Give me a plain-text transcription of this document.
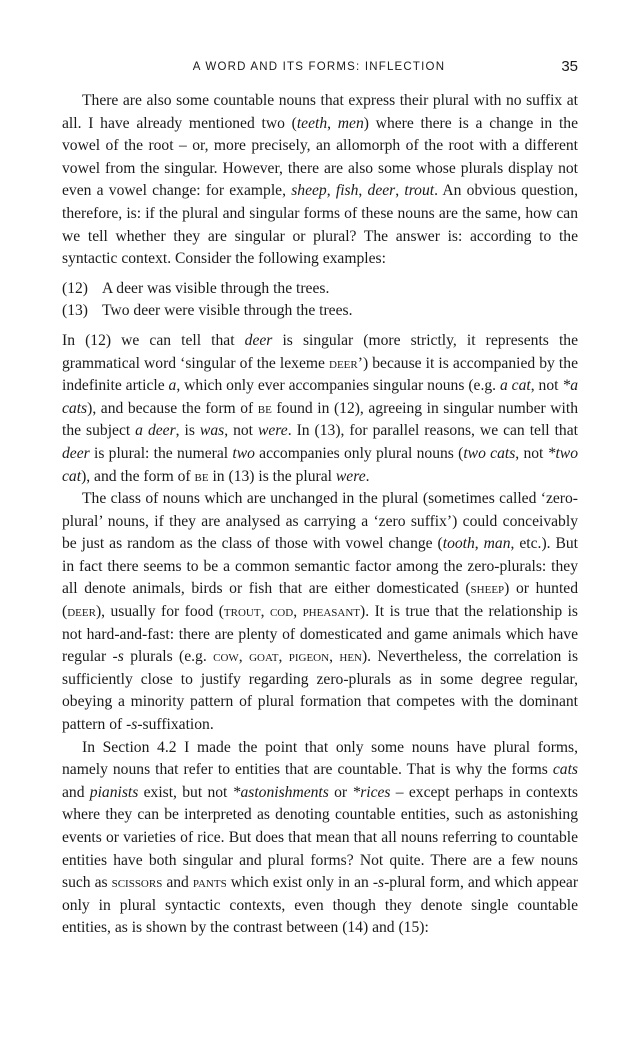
A WORD AND ITS FORMS: INFLECTION	35

There are also some countable nouns that express their plural with no suffix at all. I have already mentioned two (teeth, men) where there is a change in the vowel of the root – or, more precisely, an allomorph of the root with a different vowel from the singular. However, there are also some whose plurals display not even a vowel change: for example, sheep, fish, deer, trout. An obvious question, therefore, is: if the plural and singular forms of these nouns are the same, how can we tell whether they are singular or plural? The answer is: according to the syntactic context. Consider the following examples:

(12) A deer was visible through the trees.
(13) Two deer were visible through the trees.

In (12) we can tell that deer is singular (more strictly, it represents the grammatical word ‘singular of the lexeme deer’) because it is accompanied by the indefinite article a, which only ever accompanies singular nouns (e.g. a cat, not *a cats), and because the form of be found in (12), agreeing in singular number with the subject a deer, is was, not were. In (13), for parallel reasons, we can tell that deer is plural: the numeral two accompanies only plural nouns (two cats, not *two cat), and the form of be in (13) is the plural were.

The class of nouns which are unchanged in the plural (sometimes called ‘zero-plural’ nouns, if they are analysed as carrying a ‘zero suffix’) could conceivably be just as random as the class of those with vowel change (tooth, man, etc.). But in fact there seems to be a common semantic factor among the zero-plurals: they all denote animals, birds or fish that are either domesticated (sheep) or hunted (deer), usually for food (trout, cod, pheasant). It is true that the relationship is not hard-and-fast: there are plenty of domesticated and game animals which have regular -s plurals (e.g. cow, goat, pigeon, hen). Nevertheless, the correlation is sufficiently close to justify regarding zero-plurals as in some degree regular, obeying a minority pattern of plural formation that competes with the dominant pattern of -s-suffixation.

In Section 4.2 I made the point that only some nouns have plural forms, namely nouns that refer to entities that are countable. That is why the forms cats and pianists exist, but not *astonishments or *rices – except perhaps in contexts where they can be interpreted as denoting countable entities, such as astonishing events or varieties of rice. But does that mean that all nouns referring to countable entities have both singular and plural forms? Not quite. There are a few nouns such as scissors and pants which exist only in an -s-plural form, and which appear only in plural syntactic contexts, even though they denote single countable entities, as is shown by the contrast between (14) and (15):
